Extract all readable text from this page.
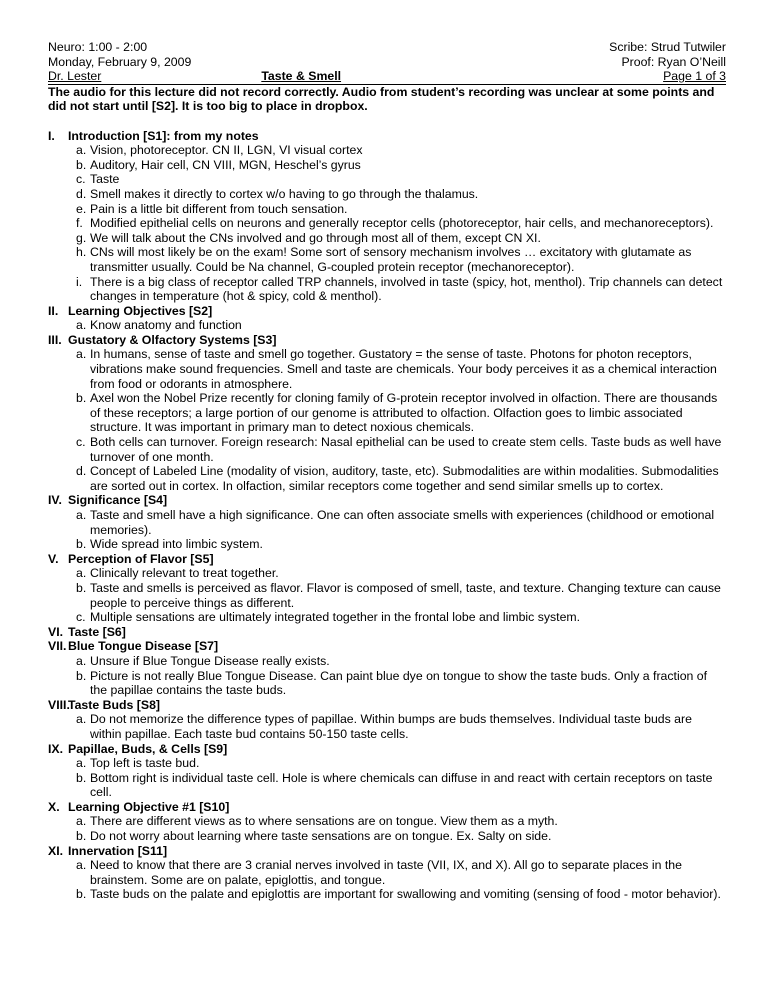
Neuro: 1:00 - 2:00	Scribe: Strud Tutwiler
Monday, February 9, 2009	Proof: Ryan O’Neill
Dr. Lester	Taste & Smell	Page 1 of 3
The audio for this lecture did not record correctly. Audio from student’s recording was unclear at some points and did not start until [S2]. It is too big to place in dropbox.
I.	Introduction [S1]: from my notes
a. Vision, photoreceptor. CN II, LGN, VI visual cortex
b. Auditory, Hair cell, CN VIII, MGN, Heschel’s gyrus
c. Taste
d. Smell makes it directly to cortex w/o having to go through the thalamus.
e. Pain is a little bit different from touch sensation.
f. Modified epithelial cells on neurons and generally receptor cells (photoreceptor, hair cells, and mechanoreceptors).
g. We will talk about the CNs involved and go through most all of them, except CN XI.
h. CNs will most likely be on the exam! Some sort of sensory mechanism involves … excitatory with glutamate as transmitter usually. Could be Na channel, G-coupled protein receptor (mechanoreceptor).
i. There is a big class of receptor called TRP channels, involved in taste (spicy, hot, menthol). Trip channels can detect changes in temperature (hot & spicy, cold & menthol).
II. Learning Objectives [S2]
a. Know anatomy and function
III. Gustatory & Olfactory Systems [S3]
a. In humans, sense of taste and smell go together. Gustatory = the sense of taste. Photons for photon receptors, vibrations make sound frequencies. Smell and taste are chemicals. Your body perceives it as a chemical interaction from food or odorants in atmosphere.
b. Axel won the Nobel Prize recently for cloning family of G-protein receptor involved in olfaction. There are thousands of these receptors; a large portion of our genome is attributed to olfaction. Olfaction goes to limbic associated structure. It was important in primary man to detect noxious chemicals.
c. Both cells can turnover. Foreign research: Nasal epithelial can be used to create stem cells. Taste buds as well have turnover of one month.
d. Concept of Labeled Line (modality of vision, auditory, taste, etc). Submodalities are within modalities. Submodalities are sorted out in cortex. In olfaction, similar receptors come together and send similar smells up to cortex.
IV. Significance [S4]
a. Taste and smell have a high significance. One can often associate smells with experiences (childhood or emotional memories).
b. Wide spread into limbic system.
V. Perception of Flavor [S5]
a. Clinically relevant to treat together.
b. Taste and smells is perceived as flavor. Flavor is composed of smell, taste, and texture. Changing texture can cause people to perceive things as different.
c. Multiple sensations are ultimately integrated together in the frontal lobe and limbic system.
VI. Taste [S6]
VII. Blue Tongue Disease [S7]
a. Unsure if Blue Tongue Disease really exists.
b. Picture is not really Blue Tongue Disease. Can paint blue dye on tongue to show the taste buds. Only a fraction of the papillae contains the taste buds.
VIII.
Taste Buds [S8]
a. Do not memorize the difference types of papillae. Within bumps are buds themselves. Individual taste buds are within papillae. Each taste bud contains 50-150 taste cells.
IX. Papillae, Buds, & Cells [S9]
a. Top left is taste bud.
b. Bottom right is individual taste cell. Hole is where chemicals can diffuse in and react with certain receptors on taste cell.
X. Learning Objective #1 [S10]
a. There are different views as to where sensations are on tongue. View them as a myth.
b. Do not worry about learning where taste sensations are on tongue. Ex. Salty on side.
XI. Innervation [S11]
a. Need to know that there are 3 cranial nerves involved in taste (VII, IX, and X). All go to separate places in the brainstem. Some are on palate, epiglottis, and tongue.
b. Taste buds on the palate and epiglottis are important for swallowing and vomiting (sensing of food - motor behavior).
